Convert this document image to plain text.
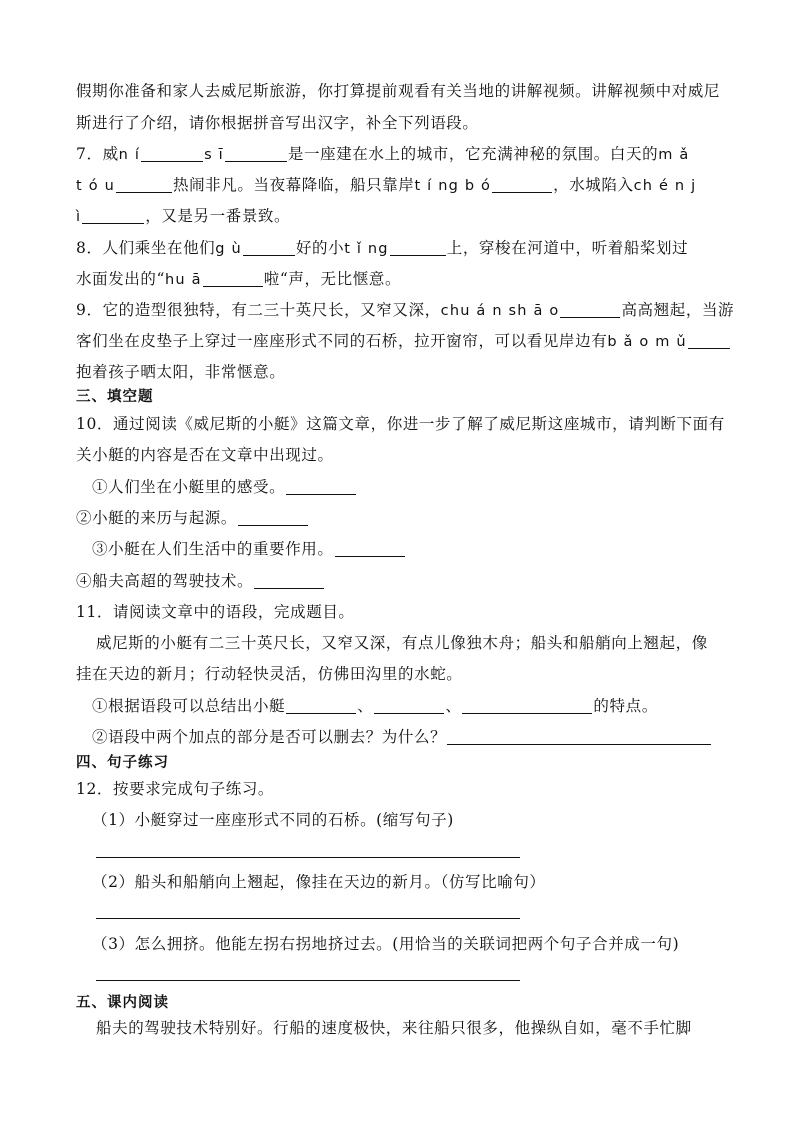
假期你准备和家人去威尼斯旅游，你打算提前观看有关当地的讲解视频。讲解视频中对威尼
斯进行了介绍，请你根据拼音写出汉字，补全下列语段。
7．威n í	s ī	是一座建在水上的城市，它充满神秘的氛围。白天的m ǎ
t ó u	热闹非凡。当夜幕降临，船只靠岸t í ng b ó	，水城陷入ch é n j
ì	，又是另一番景致。
8．人们乘坐在他们g ù	好的小t ǐ ng	上，穿梭在河道中，听着船桨划过
水面发出的“hu ā	啦“声，无比惬意。
9．它的造型很独特，有二三十英尺长，又窄又深，chu á n sh ā o	高高翘起，当游
客们坐在皮垫子上穿过一座座形式不同的石桥，拉开窗帘，可以看见岸边有b ǎ o m ǔ
抱着孩子晒太阳，非常惬意。
三、填空题
10．通过阅读《威尼斯的小艇》这篇文章，你进一步了解了威尼斯这座城市，请判断下面有
关小艇的内容是否在文章中出现过。
①人们坐在小艇里的感受。
②小艇的来历与起源。
③小艇在人们生活中的重要作用。
④船夫高超的驾驶技术。
11．请阅读文章中的语段，完成题目。
威尼斯的小艇有二三十英尺长，又窄又深，有点儿像独木舟；船头和船艄向上翘起，像
挂在天边的新月；行动轻快灵活，仿佛田沟里的水蛇。
①根据语段可以总结出小艇	、	、	的特点。
②语段中两个加点的部分是否可以删去？为什么？
四、句子练习
12．按要求完成句子练习。
（1）小艇穿过一座座形式不同的石桥。(缩写句子)
（2）船头和船艄向上翘起，像挂在天边的新月。（仿写比喻句）
（3）怎么拥挤。他能左拐右拐地挤过去。(用恰当的关联词把两个句子合并成一句)
五、课内阅读
船夫的驾驶技术特别好。行船的速度极快，来往船只很多，他操纵自如，毫不手忙脚
